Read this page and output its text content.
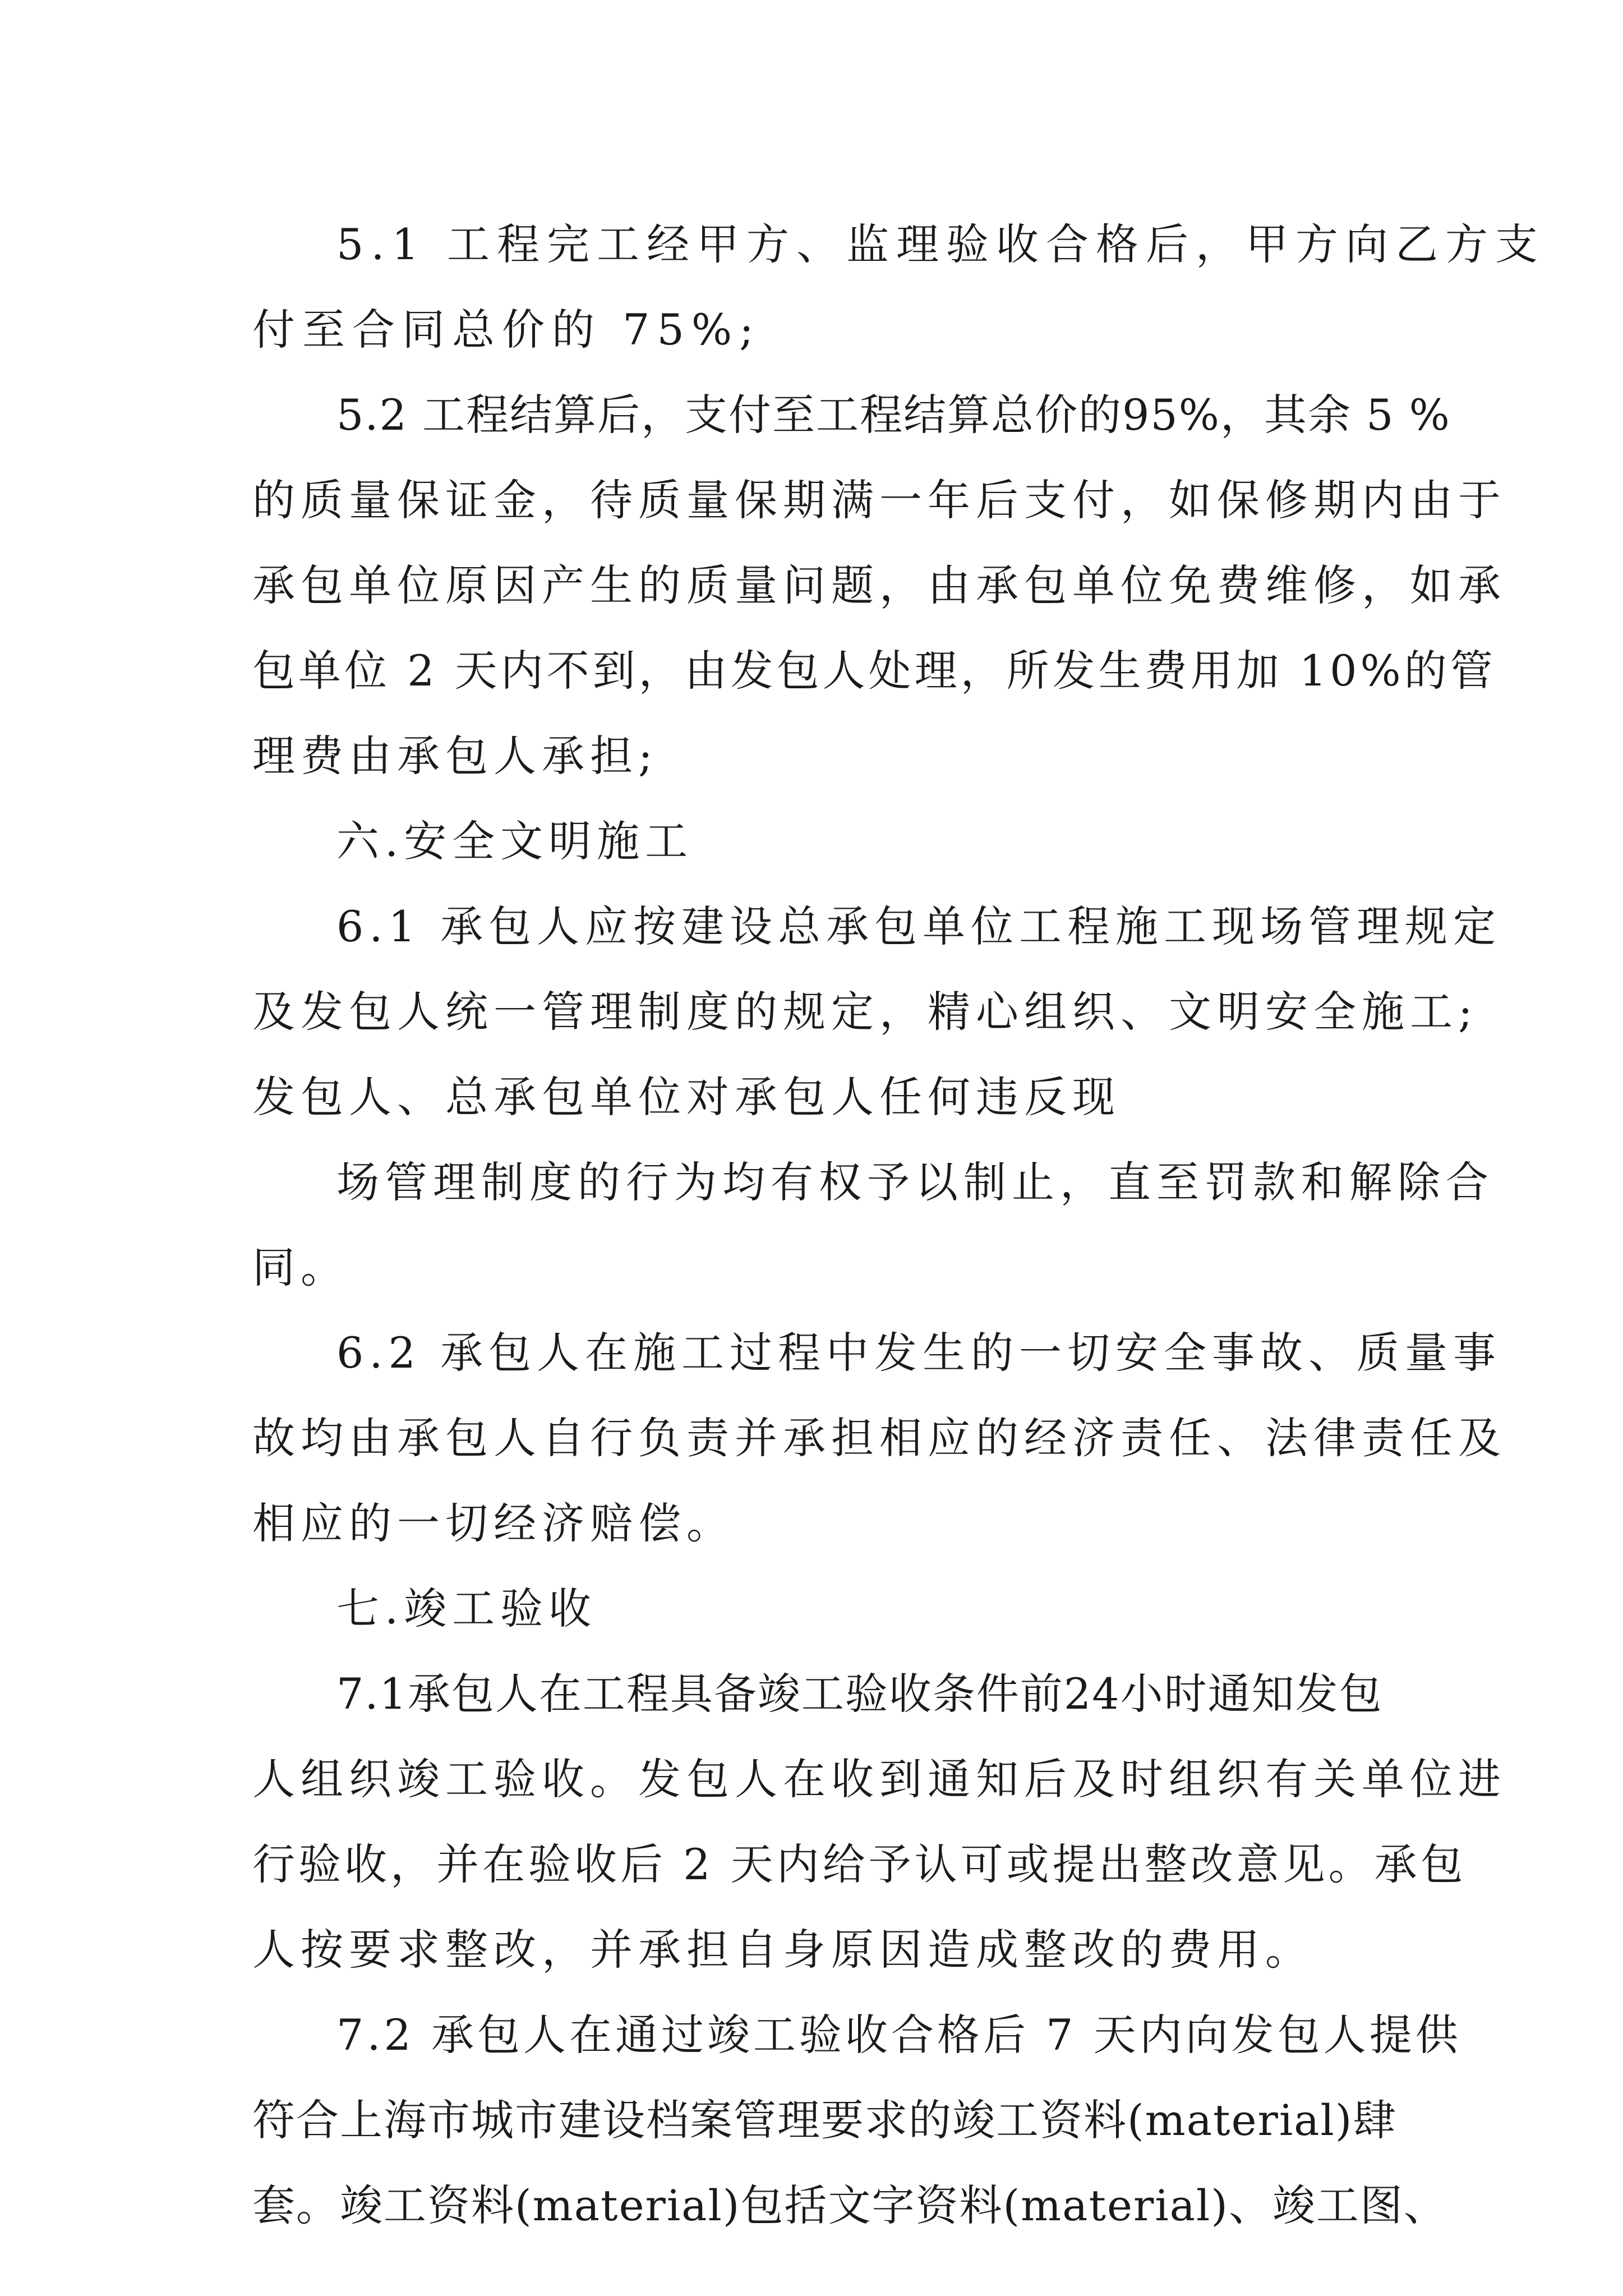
5.1 工程完工经甲方、监理验收合格后，甲方向乙方支
付至合同总价的 75%;
5.2 工程结算后，支付至工程结算总价的95%，其余 5 %
的质量保证金，待质量保期满一年后支付，如保修期内由于
承包单位原因产生的质量问题，由承包单位免费维修，如承
包单位 2 天内不到，由发包人处理，所发生费用加 10%的管
理费由承包人承担;
六.安全文明施工
6.1 承包人应按建设总承包单位工程施工现场管理规定
及发包人统一管理制度的规定，精心组织、文明安全施工;
发包人、总承包单位对承包人任何违反现
场管理制度的行为均有权予以制止，直至罚款和解除合
同。
6.2 承包人在施工过程中发生的一切安全事故、质量事
故均由承包人自行负责并承担相应的经济责任、法律责任及
相应的一切经济赔偿。
七.竣工验收
7.1承包人在工程具备竣工验收条件前24小时通知发包
人组织竣工验收。发包人在收到通知后及时组织有关单位进
行验收，并在验收后 2 天内给予认可或提出整改意见。承包
人按要求整改，并承担自身原因造成整改的费用。
7.2 承包人在通过竣工验收合格后 7 天内向发包人提供
符合上海市城市建设档案管理要求的竣工资料(material)肆
套。竣工资料(material)包括文字资料(material)、竣工图、
